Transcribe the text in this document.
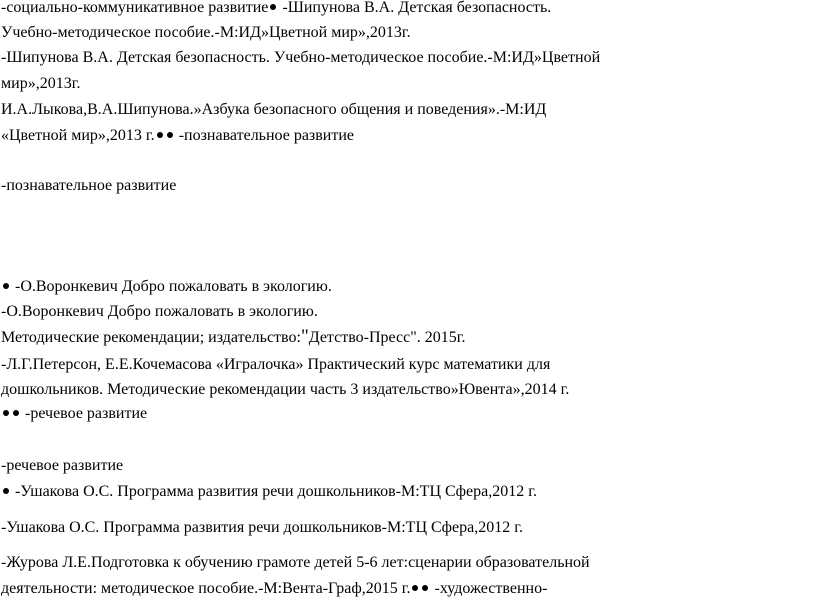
-социально-коммуникативное развитие -Шипунова В.А. Детская безопасность.
Учебно-методическое пособие.-М:ИД»Цветной мир»,2013г.
-Шипунова В.А. Детская безопасность. Учебно-методическое пособие.-М:ИД»Цветной
мир»,2013г.
И.А.Лыкова,В.А.Шипунова.»Азбука безопасного общения и поведения».-М:ИД
«Цветной мир»,2013 г. -познавательное развитие
-познавательное развитие
-О.Воронкевич Добро пожаловать в экологию.
-О.Воронкевич Добро пожаловать в экологию.
Методические рекомендации; издательство:"Детство-Пресс". 2015г.
-Л.Г.Петерсон, Е.Е.Кочемасова «Игралочка» Практический курс математики для
дошкольников. Методические рекомендации часть 3 издательство»Ювента»,2014 г.
-речевое развитие
-речевое развитие
-Ушакова О.С. Программа развития речи дошкольников-М:ТЦ Сфера,2012 г.
-Ушакова О.С. Программа развития речи дошкольников-М:ТЦ Сфера,2012 г.
-Журова Л.Е.Подготовка к обучению грамоте детей 5-6 лет:сценарии образовательной
деятельности: методическое пособие.-М:Вента-Граф,2015 г. -художественно-
